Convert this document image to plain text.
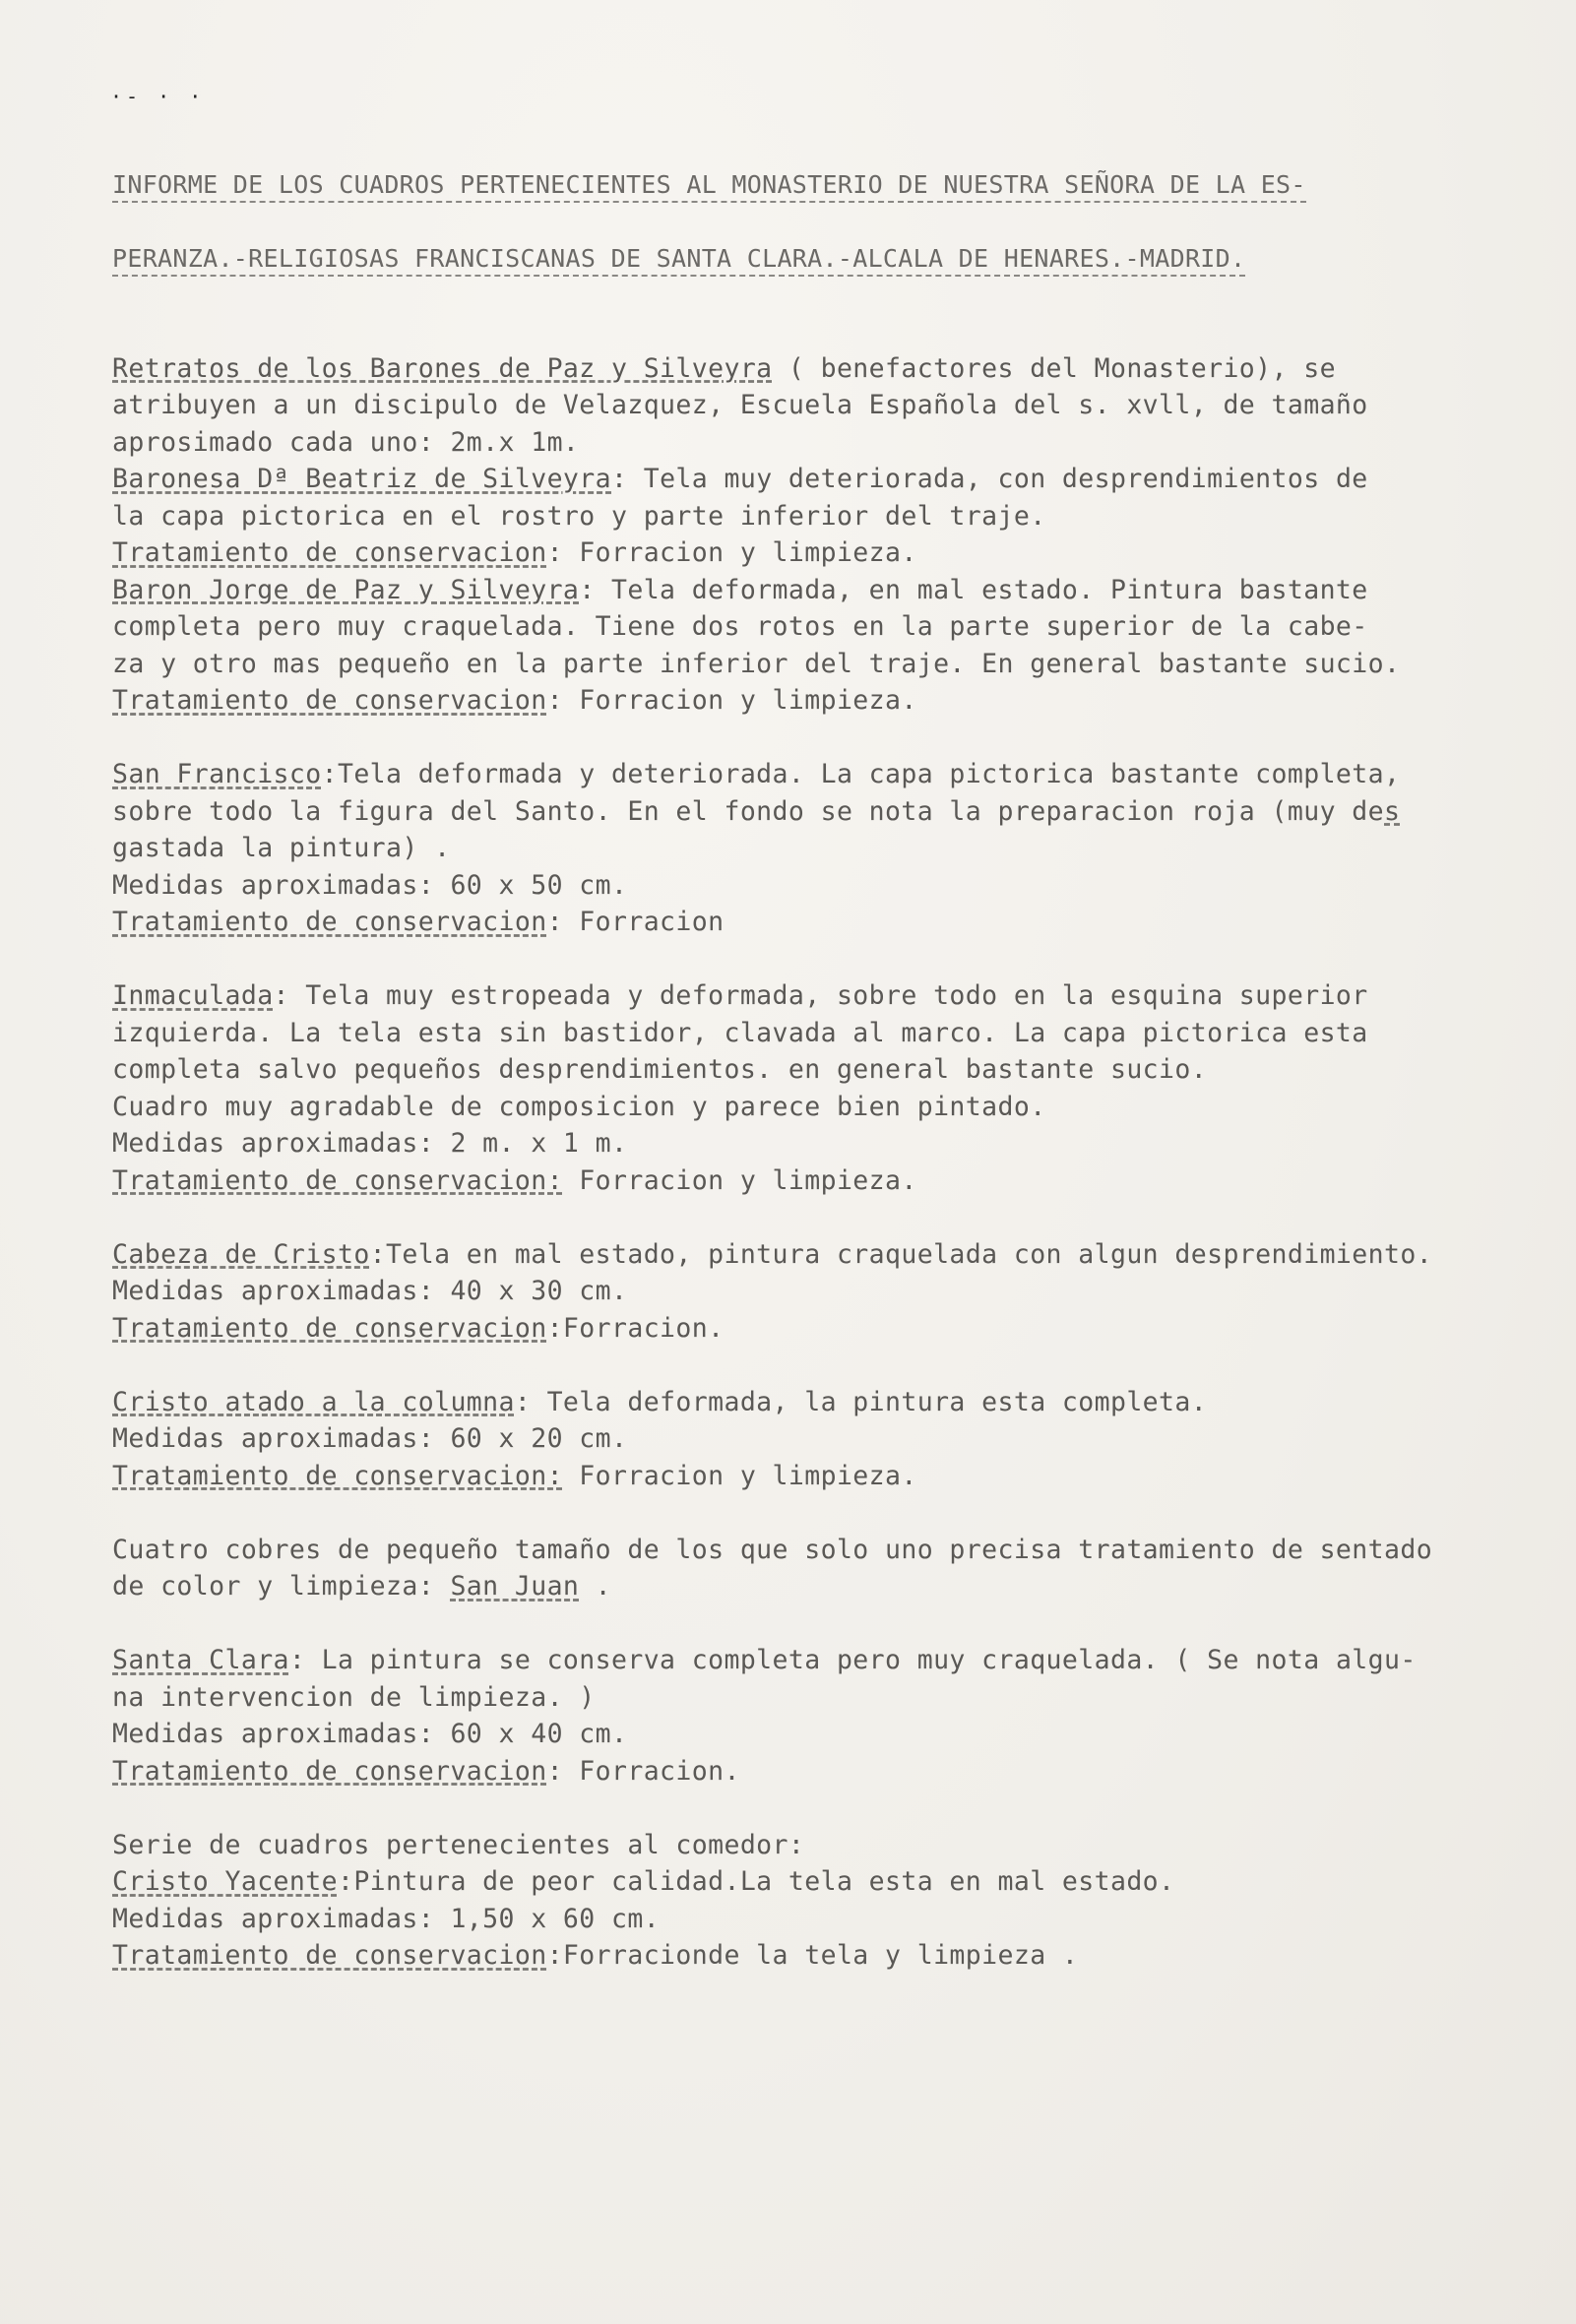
·- · ·
INFORME DE LOS CUADROS PERTENECIENTES AL MONASTERIO DE NUESTRA SEÑORA DE LA ES-
PERANZA.-RELIGIOSAS FRANCISCANAS DE SANTA CLARA.-ALCALA DE HENARES.-MADRID.
Retratos de los Barones de Paz y Silveyra ( benefactores del Monasterio), se
atribuyen a un discipulo de Velazquez, Escuela Española del s. xvll, de tamaño
aprosimado cada uno: 2m.x 1m.
Baronesa Dª Beatriz de Silveyra: Tela muy deteriorada, con desprendimientos de
la capa pictorica en el rostro y parte inferior del traje.
Tratamiento de conservacion: Forracion y limpieza.
Baron Jorge de Paz y Silveyra: Tela deformada, en mal estado. Pintura bastante
completa pero muy craquelada. Tiene dos rotos en la parte superior de la cabe-
za y otro mas pequeño en la parte inferior del traje. En general bastante sucio.
Tratamiento de conservacion: Forracion y limpieza.
San Francisco:Tela deformada y deteriorada. La capa pictorica bastante completa,
sobre todo la figura del Santo. En el fondo se nota la preparacion roja (muy des
gastada la pintura) .
Medidas aproximadas: 60 x 50 cm.
Tratamiento de conservacion: Forracion
Inmaculada: Tela muy estropeada y deformada, sobre todo en la esquina superior
izquierda. La tela esta sin bastidor, clavada al marco. La capa pictorica esta
completa salvo pequeños desprendimientos. en general bastante sucio.
Cuadro muy agradable de composicion y parece bien pintado.
Medidas aproximadas: 2 m. x 1 m.
Tratamiento de conservacion: Forracion y limpieza.
Cabeza de Cristo:Tela en mal estado, pintura craquelada con algun desprendimiento.
Medidas aproximadas: 40 x 30 cm.
Tratamiento de conservacion:Forracion.
Cristo atado a la columna: Tela deformada, la pintura esta completa.
Medidas aproximadas: 60 x 20 cm.
Tratamiento de conservacion: Forracion y limpieza.
Cuatro cobres de pequeño tamaño de los que solo uno precisa tratamiento de sentado
de color y limpieza: San Juan .
Santa Clara: La pintura se conserva completa pero muy craquelada. ( Se nota algu-
na intervencion de limpieza. )
Medidas aproximadas: 60 x 40 cm.
Tratamiento de conservacion: Forracion.
Serie de cuadros pertenecientes al comedor:
Cristo Yacente:Pintura de peor calidad.La tela esta en mal estado.
Medidas aproximadas: 1,50 x 60 cm.
Tratamiento de conservacion:Forracionde la tela y limpieza .
